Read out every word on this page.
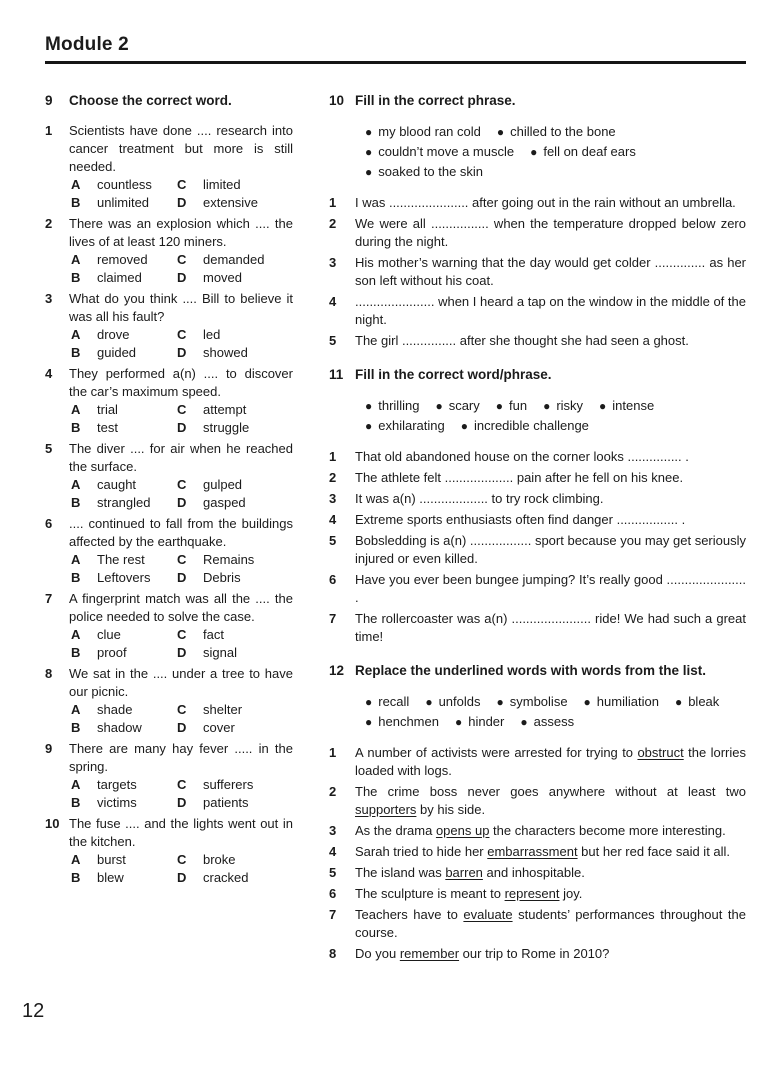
Module 2
9	Choose the correct word.
1	Scientists have done .... research into cancer treatment but more is still needed.
A	countless	C	limited
B	unlimited	D	extensive
2	There was an explosion which .... the lives of at least 120 miners.
A	removed	C	demanded
B	claimed	D	moved
3	What do you think .... Bill to believe it was all his fault?
A	drove	C	led
B	guided	D	showed
4	They performed a(n) .... to discover the car’s maximum speed.
A	trial	C	attempt
B	test	D	struggle
5	The diver .... for air when he reached the surface.
A	caught	C	gulped
B	strangled	D	gasped
6	.... continued to fall from the buildings affected by the earthquake.
A	The rest	C	Remains
B	Leftovers	D	Debris
7	A fingerprint match was all the .... the police needed to solve the case.
A	clue	C	fact
B	proof	D	signal
8	We sat in the .... under a tree to have our picnic.
A	shade	C	shelter
B	shadow	D	cover
9	There are many hay fever ..... in the spring.
A	targets	C	sufferers
B	victims	D	patients
10 The fuse .... and the lights went out in the kitchen.
A	burst	C	broke
B	blew	D	cracked
10 Fill in the correct phrase.
● my blood ran cold ● chilled to the bone
● couldn’t move a muscle ● fell on deaf ears
● soaked to the skin
1	I was ...................... after going out in the rain without an umbrella.
2	We were all ................ when the temperature dropped below zero during the night.
3	His mother’s warning that the day would get colder .............. as her son left without his coat.
4	...................... when I heard a tap on the window in the middle of the night.
5	The girl ............... after she thought she had seen a ghost.
11 Fill in the correct word/phrase.
● thrilling ● scary ● fun ● risky ● intense
● exhilarating ● incredible challenge
1	That old abandoned house on the corner looks ............... .
2	The athlete felt ................... pain after he fell on his knee.
3	It was a(n) ................... to try rock climbing.
4	Extreme sports enthusiasts often find danger ................. .
5	Bobsledding is a(n) ................. sport because you may get seriously injured or even killed.
6	Have you ever been bungee jumping? It’s really good ...................... .
7	The rollercoaster was a(n) ...................... ride! We had such a great time!
12 Replace the underlined words with words from the list.
● recall ● unfolds ● symbolise ● humiliation ● bleak
● henchmen ● hinder ● assess
1	A number of activists were arrested for trying to obstruct the lorries loaded with logs.
2	The crime boss never goes anywhere without at least two supporters by his side.
3	As the drama opens up the characters become more interesting.
4	Sarah tried to hide her embarrassment but her red face said it all.
5	The island was barren and inhospitable.
6	The sculpture is meant to represent joy.
7	Teachers have to evaluate students’ performances throughout the course.
8	Do you remember our trip to Rome in 2010?
12
